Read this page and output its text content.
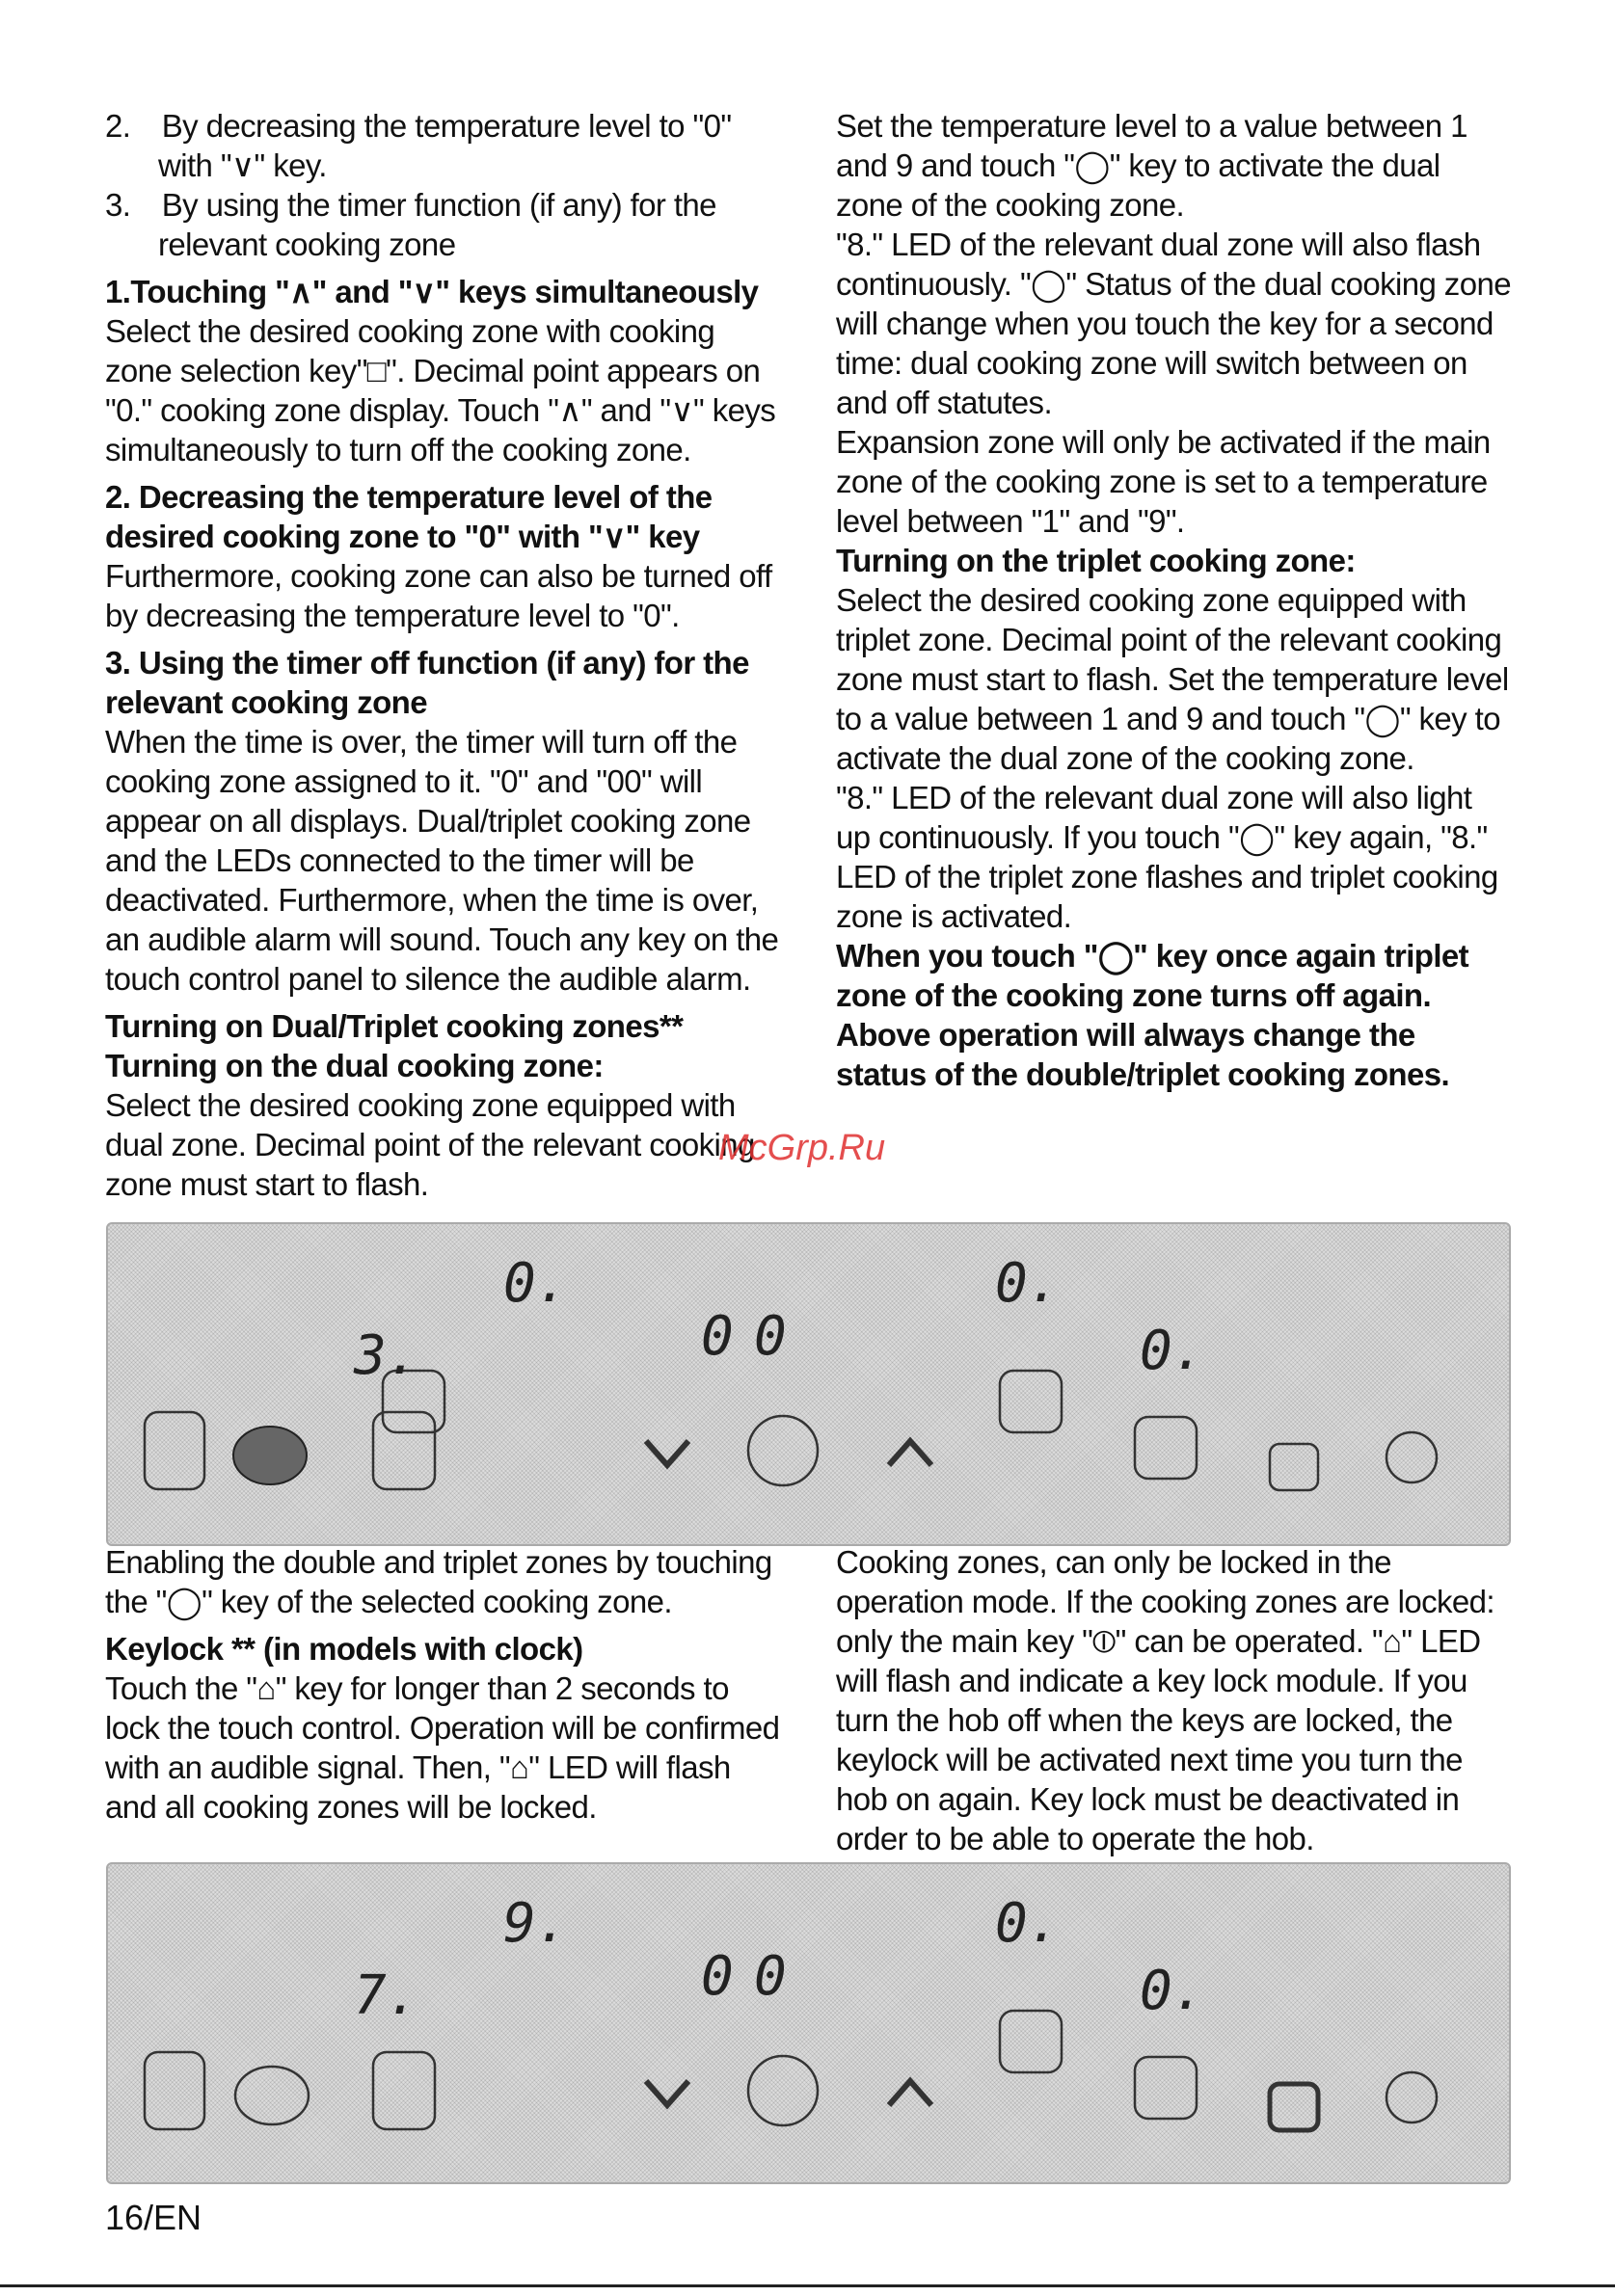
2. By decreasing the temperature level to "0" with "∨" key.

3. By using the timer function (if any) for the relevant cooking zone

1.Touching "∧" and "∨" keys simultaneously

Select the desired cooking zone with cooking zone selection key"□". Decimal point appears on "0." cooking zone display. Touch "∧" and "∨" keys simultaneously to turn off the cooking zone.

2. Decreasing the temperature level of the desired cooking zone to "0" with "∨" key

Furthermore, cooking zone can also be turned off by decreasing the temperature level to "0".

3. Using the timer off function (if any) for the relevant cooking zone

When the time is over, the timer will turn off the cooking zone assigned to it. "0" and "00" will appear on all displays. Dual/triplet cooking zone and the LEDs connected to the timer will be deactivated. Furthermore, when the time is over, an audible alarm will sound. Touch any key on the touch control panel to silence the audible alarm.

Turning on Dual/Triplet cooking zones**

Turning on the dual cooking zone:

Select the desired cooking zone equipped with dual zone. Decimal point of the relevant cooking zone must start to flash.

Set the temperature level to a value between 1 and 9 and touch "◯" key to activate the dual zone of the cooking zone.

"8." LED of the relevant dual zone will also flash continuously. "◯" Status of the dual cooking zone will change when you touch the key for a second time: dual cooking zone will switch between on and off statutes.

Expansion zone will only be activated if the main zone of the cooking zone is set to a temperature level between "1" and "9".

Turning on the triplet cooking zone:

Select the desired cooking zone equipped with triplet zone. Decimal point of the relevant cooking zone must start to flash. Set the temperature level to a value between 1 and 9 and touch "◯" key to activate the dual zone of the cooking zone.

"8." LED of the relevant dual zone will also light up continuously. If you touch "◯" key again, "8." LED of the triplet zone flashes and triplet cooking zone is activated.

When you touch "◯" key once again triplet zone of the cooking zone turns off again. Above operation will always change the status of the double/triplet cooking zones.

McGrp.Ru
3.
0.
0 0
0.
0.

Enabling the double and triplet zones by touching the "◯" key of the selected cooking zone.

Keylock ** (in models with clock)

Touch the "⌂" key for longer than 2 seconds to lock the touch control. Operation will be confirmed with an audible signal. Then, "⌂" LED will flash and all cooking zones will be locked.

Cooking zones, can only be locked in the operation mode. If the cooking zones are locked: only the main key "⦶" can be operated. "⌂" LED will flash and indicate a key lock module. If you turn the hob off when the keys are locked, the keylock will be activated next time you turn the hob on again. Key lock must be deactivated in order to be able to operate the hob.

7.
9.
0 0
0.
0.
16/EN
